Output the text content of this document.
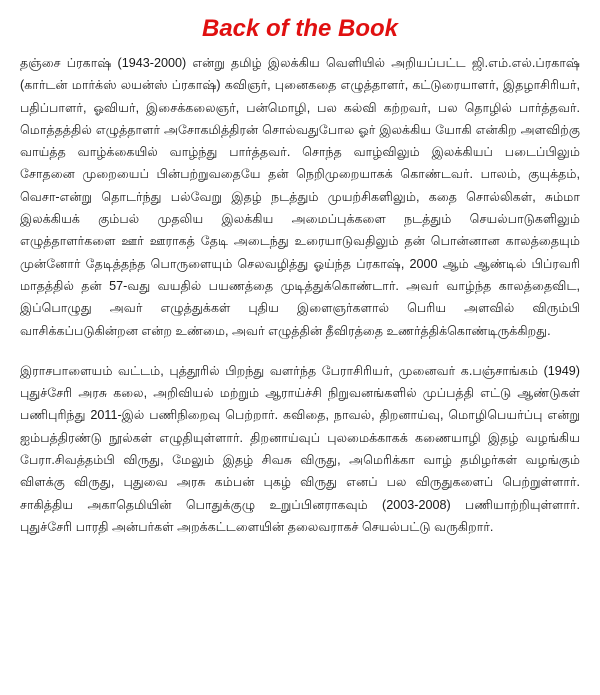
Back of the Book

தஞ்சை ப்ரகாஷ் (1943-2000) என்று தமிழ் இலக்கிய வெளியில் அறியப்பட்ட ஜி.எம்.எல்.ப்ரகாஷ் (கார்டன் மார்க்ஸ் லயன்ஸ் ப்ரகாஷ்) கவிஞர், புனைகதை எழுத்தாளர், கட்டுரையாளர், இதழாசிரியர், பதிப்பாளர், ஓவியர், இசைக்கலைஞர், பன்மொழி, பல கல்வி கற்றவர், பல தொழில் பார்த்தவர். மொத்தத்தில் எழுத்தாளர் அசோகமித்திரன் சொல்வதுபோல ஓர் இலக்கிய யோகி என்கிற அளவிற்கு வாய்த்த வாழ்க்கையில் வாழ்ந்து பார்த்தவர். சொந்த வாழ்விலும் இலக்கியப் படைப்பிலும் சோதனை முறையைப் பின்பற்றுவதையே தன் நெறிமுறையாகக் கொண்டவர். பாலம், குயுக்தம், வெசா-என்று தொடர்ந்து பல்வேறு இதழ் நடத்தும் முயற்சிகளிலும், கதை சொல்லிகள், சும்மா இலக்கியக் கும்பல் முதலிய இலக்கிய அமைப்புக்களை நடத்தும் செயல்பாடுகளிலும் எழுத்தாளர்களை ஊர் ஊராகத் தேடி அடைந்து உரையாடுவதிலும் தன் பொன்னான காலத்தையும் முன்னோர் தேடித்தந்த பொருளையும் செலவழித்து ஓய்ந்த ப்ரகாஷ், 2000 ஆம் ஆண்டில் பிப்ரவரி மாதத்தில் தன் 57-வது வயதில் பயணத்தை முடித்துக்கொண்டார். அவர் வாழ்ந்த காலத்தைவிட, இப்பொழுது அவர் எழுத்துக்கள் புதிய இளைஞர்களால் பெரிய அளவில் விரும்பி வாசிக்கப்படுகின்றன என்ற உண்மை, அவர் எழுத்தின் தீவிரத்தை உணர்த்திக்கொண்டிருக்கிறது.

இராசபாளையம் வட்டம், புத்தூரில் பிறந்து வளர்ந்த பேராசிரியர், முனைவர் க.பஞ்சாங்கம் (1949) புதுச்சேரி அரசு கலை, அறிவியல் மற்றும் ஆராய்ச்சி நிறுவனங்களில் முப்பத்தி எட்டு ஆண்டுகள் பணிபுரிந்து 2011-இல் பணிநிறைவு பெற்றார். கவிதை, நாவல், திறனாய்வு, மொழிபெயர்ப்பு என்று ஐம்பத்திரண்டு நூல்கள் எழுதியுள்ளார். திறனாய்வுப் புலமைக்காகக் கணையாழி இதழ் வழங்கிய பேரா.சிவத்தம்பி விருது, மேலும் இதழ் சிவசு விருது, அமெரிக்கா வாழ் தமிழர்கள் வழங்கும் விளக்கு விருது, புதுவை அரசு கம்பன் புகழ் விருது எனப் பல விருதுகளைப் பெற்றுள்ளார். சாகித்திய அகாதெமியின் பொதுக்குழு உறுப்பினராகவும் (2003-2008) பணியாற்றியுள்ளார். புதுச்சேரி பாரதி அன்பர்கள் அறக்கட்டளையின் தலைவராகச் செயல்பட்டு வருகிறார்.
